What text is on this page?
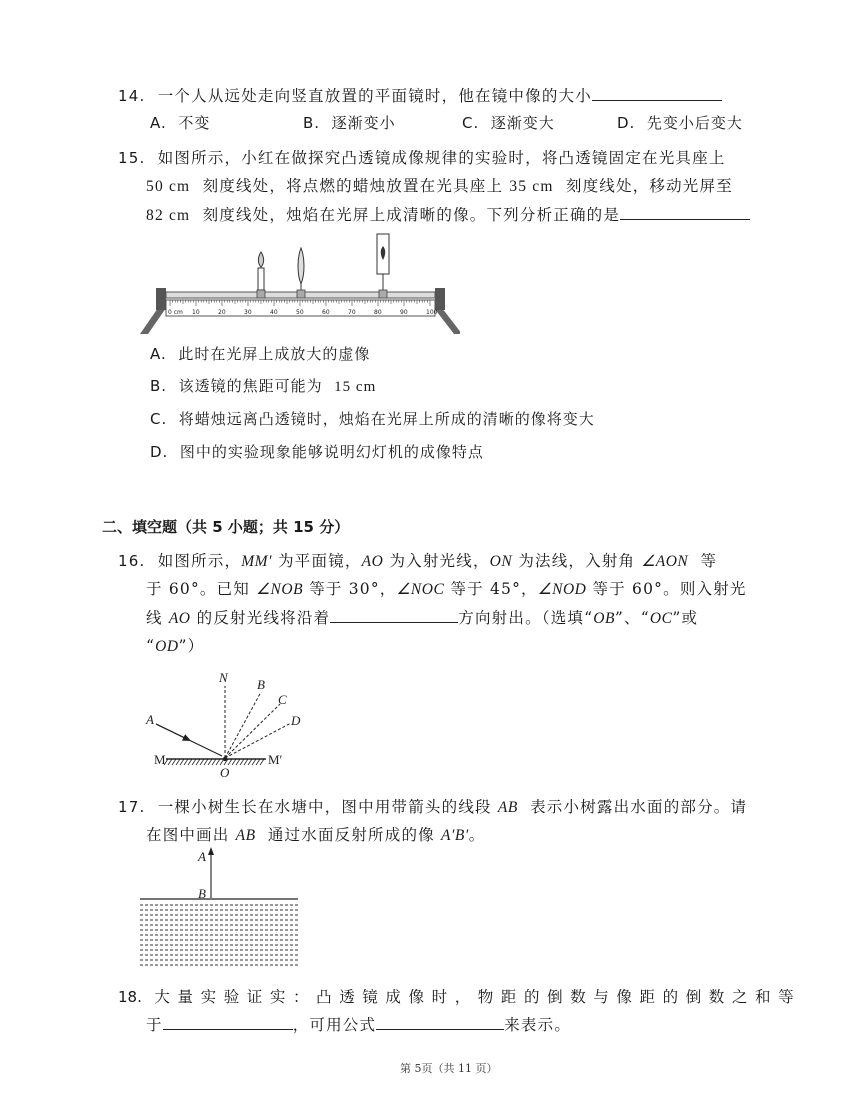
14. 一个人从远处走向竖直放置的平面镜时，他在镜中像的大小
A. 不变	B. 逐渐变小	C. 逐渐变大	D. 先变小后变大
15. 如图所示，小红在做探究凸透镜成像规律的实验时，将凸透镜固定在光具座上
50 cm 刻度线处，将点燃的蜡烛放置在光具座上 35 cm 刻度线处，移动光屏至
82 cm 刻度线处，烛焰在光屏上成清晰的像。下列分析正确的是
0 cm 10	20	30	40	50	60	70	80	90	100
A. 此时在光屏上成放大的虚像
B. 该透镜的焦距可能为 15 cm
C. 将蜡烛远离凸透镜时，烛焰在光屏上所成的清晰的像将变大
D. 图中的实验现象能够说明幻灯机的成像特点
二、填空题（共 5 小题；共 15 分）
16. 如图所示，MM′ 为平面镜，AO 为入射光线，ON 为法线，入射角 ∠AON 等
于 60°。已知 ∠NOB 等于 30°，∠NOC 等于 45°，∠NOD 等于 60°。则入射光
线 AO 的反射光线将沿着	方向射出。（选填“OB”、“OC”或
“OD”）
N B
C
D
A
O
M	M′
17. 一棵小树生长在水塘中，图中用带箭头的线段 AB 表示小树露出水面的部分。请
在图中画出 AB 通过水面反射所成的像 A′B′。
A
B
18. 大量实验证实：凸透镜成像时，物距的倒数与像距的倒数之和等
于	，可用公式	来表示。
第 5页（共 11 页）
